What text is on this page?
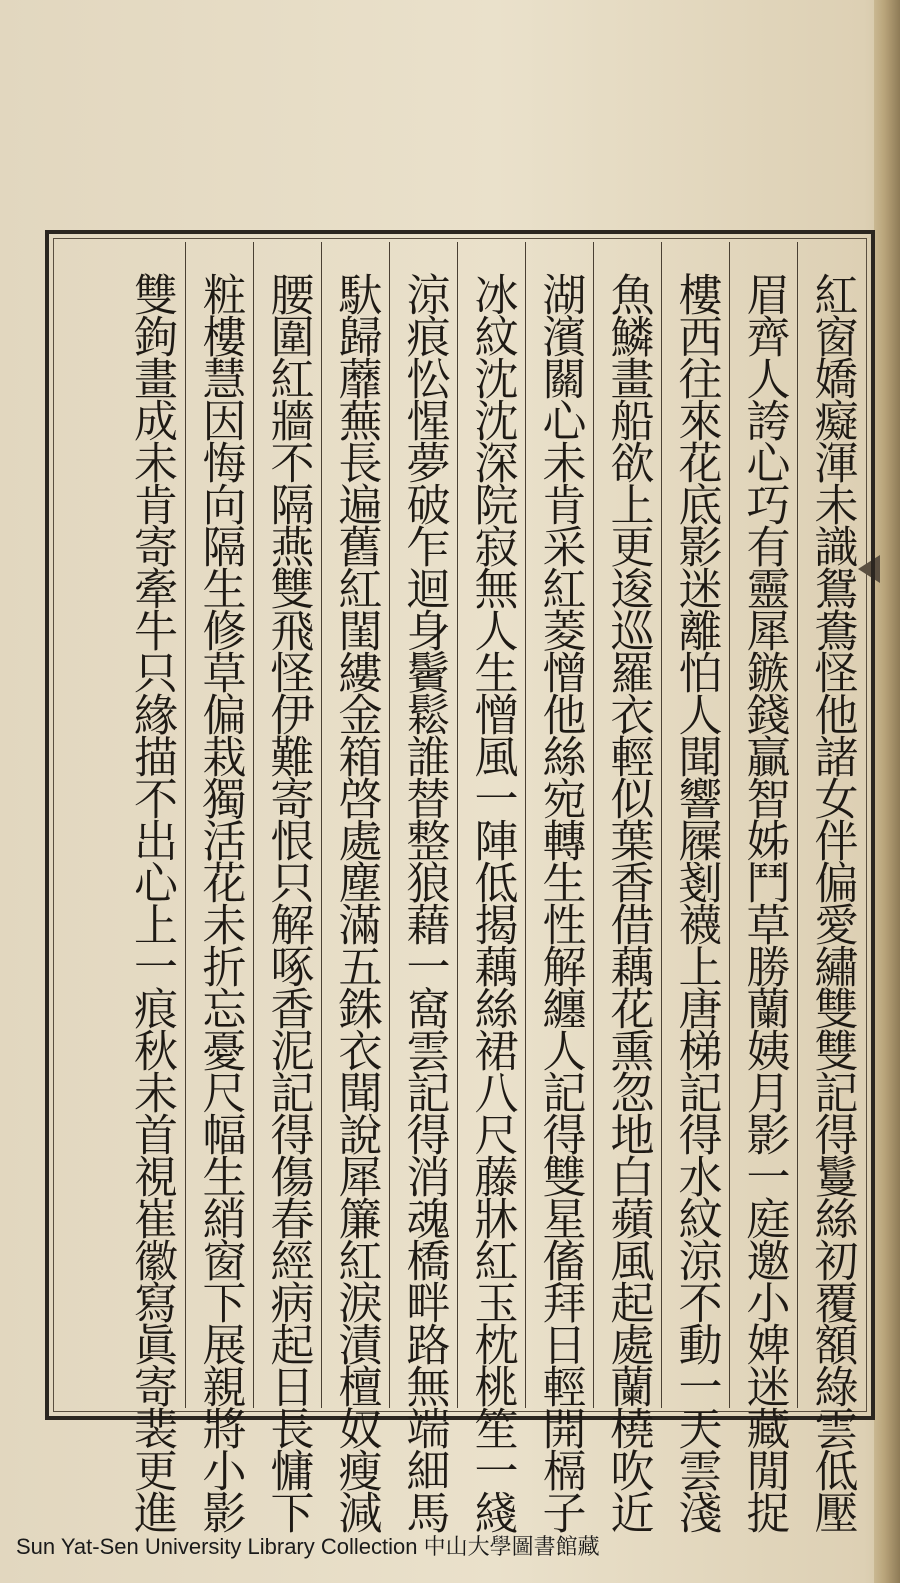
紅窗嬌癡渾未識鴛鴦怪他諸女伴偏愛繡雙雙記得鬘絲初覆額綠雲低壓
眉齊人誇心巧有靈犀鏃錢贏智姊鬥草勝蘭姨月影一庭邀小婢迷藏閒捉
樓西往來花底影迷離怕人聞響屧剗襪上唐梯記得水紋涼不動一天雲淺
魚鱗畫船欲上更逡巡羅衣輕似葉香借藕花熏忽地白蘋風起處蘭橈吹近
湖濱關心未肯采紅菱憎他絲宛轉生性解纏人記得雙星傗拜日輕開槅子
冰紋沈沈深院寂無人生憎風一陣低揭藕絲裙八尺藤牀紅玉枕桃笙一綫
涼痕忪惺夢破乍迴身鬢鬆誰替整狼藉一窩雲記得消魂橋畔路無端細馬
馱歸蘼蕪長遍舊紅閨縷金箱啓處塵滿五銖衣聞說犀簾紅淚漬檀奴瘦減
腰圍紅牆不隔燕雙飛怪伊難寄恨只解啄香泥記得傷春經病起日長慵下
粧樓慧因悔向隔生修草偏栽獨活花未折忘憂尺幅生綃窗下展親將小影
雙鉤畫成未肯寄牽牛只緣描不出心上一痕秋未首視崔徽寫眞寄裴更進
Sun Yat-Sen University Library Collection 中山大學圖書館藏
